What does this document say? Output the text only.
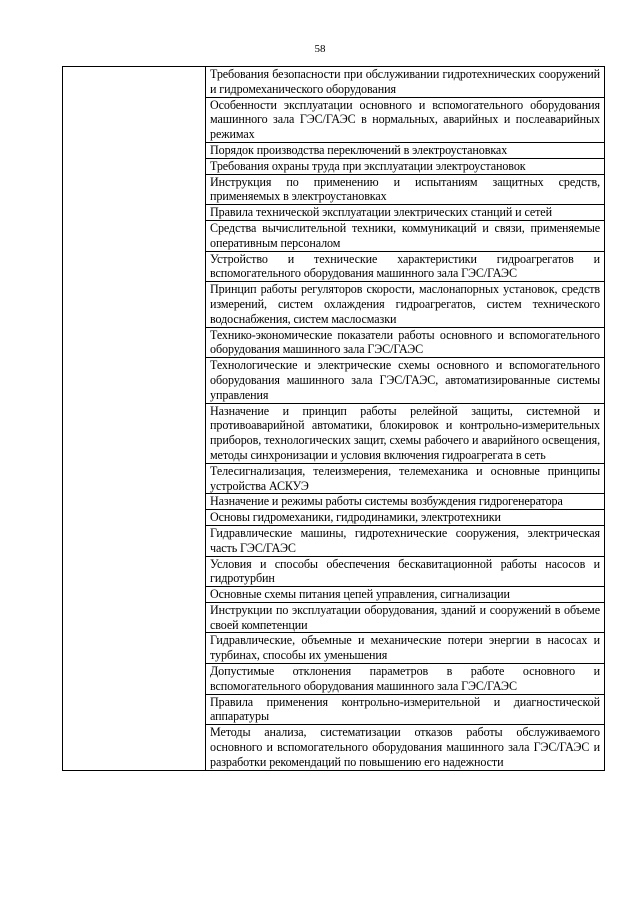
58
	Требования безопасности при обслуживании гидротехнических сооружений и гидромеханического оборудования
Особенности эксплуатации основного и вспомогательного оборудования машинного зала ГЭС/ГАЭС в нормальных, аварийных и послеаварийных режимах
Порядок производства переключений в электроустановках
Требования охраны труда при эксплуатации электроустановок
Инструкция по применению и испытаниям защитных средств, применяемых в электроустановках
Правила технической эксплуатации электрических станций и сетей
Средства вычислительной техники, коммуникаций и связи, применяемые оперативным персоналом
Устройство и технические характеристики гидроагрегатов и вспомогательного оборудования машинного зала ГЭС/ГАЭС
Принцип работы регуляторов скорости, маслонапорных установок, средств измерений, систем охлаждения гидроагрегатов, систем технического водоснабжения, систем маслосмазки
Технико-экономические показатели работы основного и вспомогательного оборудования машинного зала ГЭС/ГАЭС
Технологические и электрические схемы основного и вспомогательного оборудования машинного зала ГЭС/ГАЭС, автоматизированные системы управления
Назначение и принцип работы релейной защиты, системной и противоаварийной автоматики, блокировок и контрольно-измерительных приборов, технологических защит, схемы рабочего и аварийного освещения, методы синхронизации и условия включения гидроагрегата в сеть
Телесигнализация, телеизмерения, телемеханика и основные принципы устройства АСКУЭ
Назначение и режимы работы системы возбуждения гидрогенератора
Основы гидромеханики, гидродинамики, электротехники
Гидравлические машины, гидротехнические сооружения, электрическая часть ГЭС/ГАЭС
Условия и способы обеспечения бескавитационной работы насосов и гидротурбин
Основные схемы питания цепей управления, сигнализации
Инструкции по эксплуатации оборудования, зданий и сооружений в объеме своей компетенции
Гидравлические, объемные и механические потери энергии в насосах и турбинах, способы их уменьшения
Допустимые отклонения параметров в работе основного и вспомогательного оборудования машинного зала ГЭС/ГАЭС
Правила применения контрольно-измерительной и диагностической аппаратуры
Методы анализа, систематизации отказов работы обслуживаемого основного и вспомогательного оборудования машинного зала ГЭС/ГАЭС и разработки рекомендаций по повышению его надежности
